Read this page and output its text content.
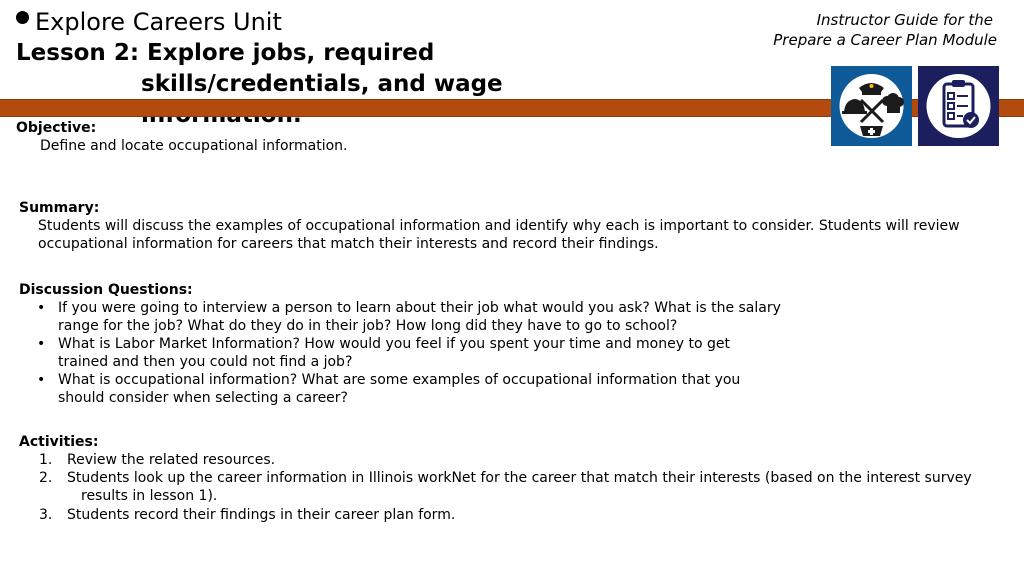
Explore Careers Unit
Lesson 2: Explore jobs, required
skills/credentials, and wage
Instructor Guide for the
Prepare a Career Plan Module
Objective:
Define and locate occupational information.
Summary:
Students will discuss the examples of occupational information and identify why each is important to consider. Students will review
occupational information for careers that match their interests and record their findings.
Discussion Questions:
• If you were going to interview a person to learn about their job what would you ask? What is the salary
range for the job? What do they do in their job? How long did they have to go to school?
• What is Labor Market Information? How would you feel if you spent your time and money to get
trained and then you could not find a job?
• What is occupational information? What are some examples of occupational information that you
should consider when selecting a career?
Activities:
1. Review the related resources.
2. Students look up the career information in Illinois workNet for the career that match their interests (based on the interest survey
results in lesson 1).
3. Students record their findings in their career plan form.
